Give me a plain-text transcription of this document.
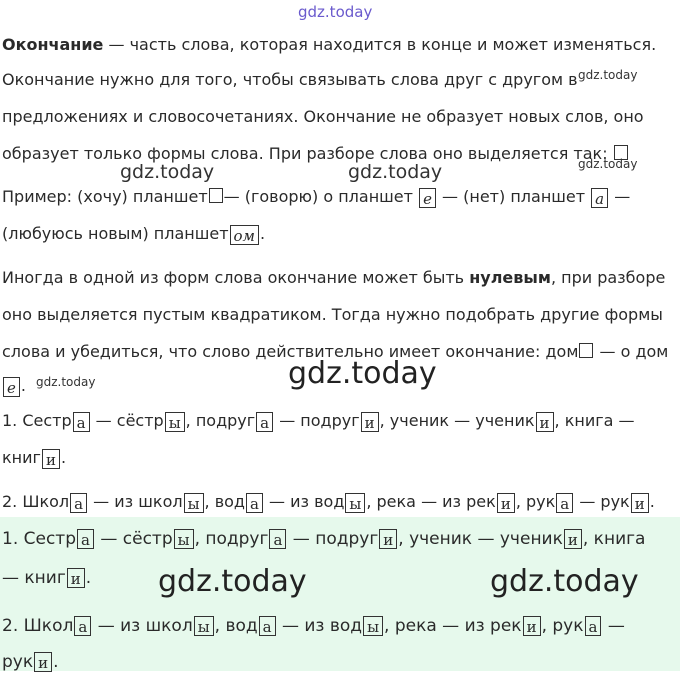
gdz.today
gdz.today
gdz.today
gdz.today	gdz.today
gdz.today	gdz.today
Окончание — часть слова, которая находится в конце и может изменяться.
Окончание нужно для того, чтобы связывать слова друг с другом в
предложениях и словосочетаниях. Окончание не образует новых слов, оно
образует только формы слова. При разборе слова оно выделяется так:
Пример: (хочу) планшет — (говорю) о планшет е — (нет) планшет а —
(любуюсь новым) планшет ом .
Иногда в одной из форм слова окончание может быть нулевым, при разборе
оно выделяется пустым квадратиком. Тогда нужно подобрать другие формы
слова и убедиться, что слово действительно имеет окончание: дом — о дом
е .
1. Сестр а — сёстр ы , подруг а — подруг и , ученик — ученик и , книга —
книг и .
2. Школ а — из школ ы , вод а — из вод ы , река — из рек и , рук а — рук и .
1. Сестр а — сёстр ы , подруг а — подруг и , ученик — ученик и , книга
— книг и . gdz.today	gdz.today
2. Школ а — из школ ы , вод а — из вод ы , река — из рек и , рук а —
рук и .
